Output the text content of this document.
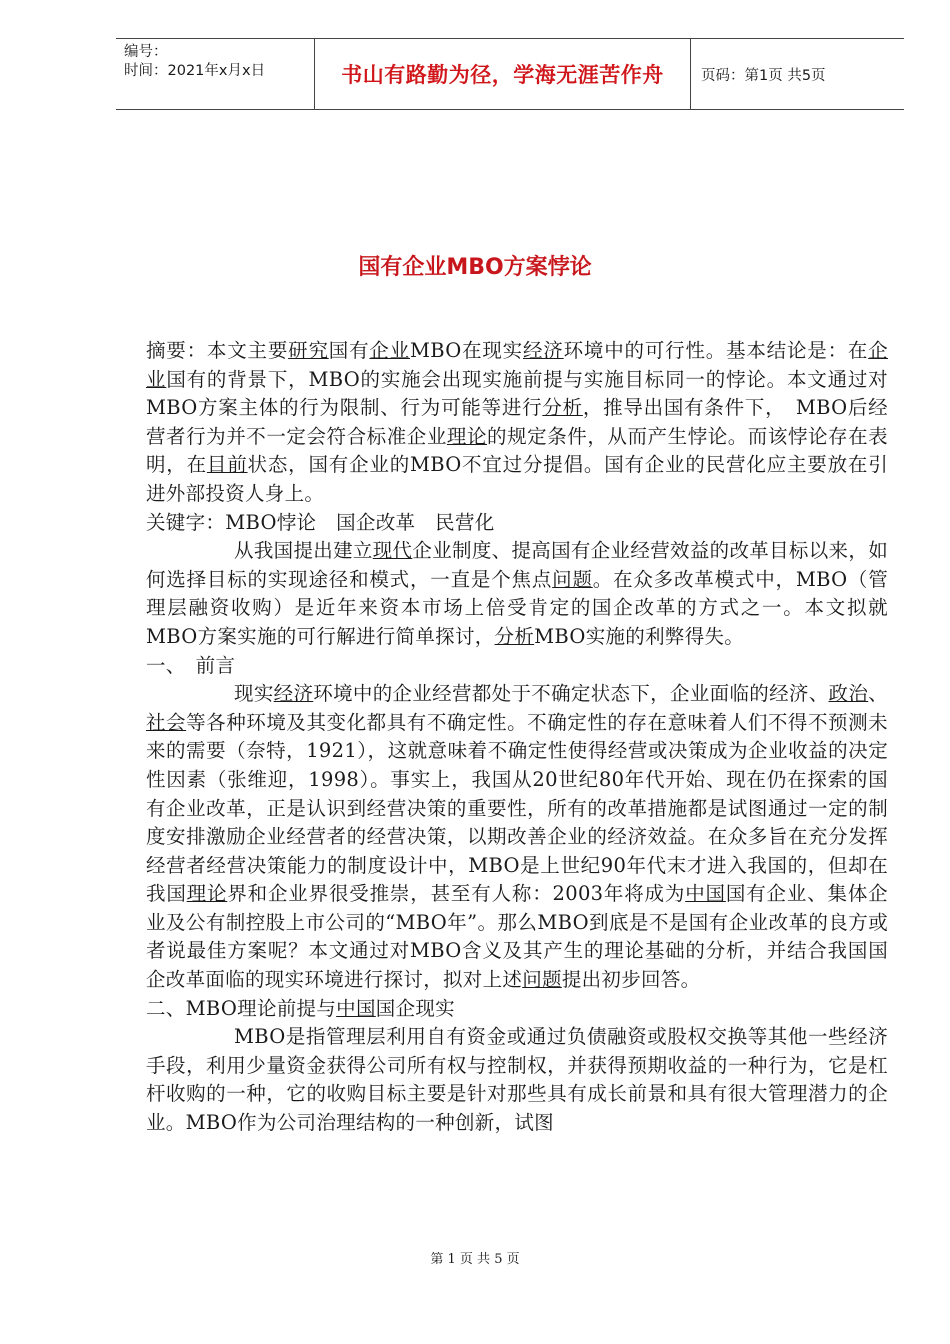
编号：
时间：2021年x月x日	书山有路勤为径，学海无涯苦作舟	页码：第1页 共5页
国有企业MBO方案悖论

摘要：本文主要研究国有企业MBO在现实经济环境中的可行性。基本结论是：在企业国有的背景下，MBO的实施会出现实施前提与实施目标同一的悖论。本文通过对MBO方案主体的行为限制、行为可能等进行分析，推导出国有条件下，　MBO后经营者行为并不一定会符合标准企业理论的规定条件，从而产生悖论。而该悖论存在表明，在目前状态，国有企业的MBO不宜过分提倡。国有企业的民营化应主要放在引进外部投资人身上。

关键字：MBO悖论　国企改革　民营化

从我国提出建立现代企业制度、提高国有企业经营效益的改革目标以来，如何选择目标的实现途径和模式，一直是个焦点问题。在众多改革模式中，MBO（管理层融资收购）是近年来资本市场上倍受肯定的国企改革的方式之一。本文拟就MBO方案实施的可行解进行简单探讨，分析MBO实施的利弊得失。

一、　前言

现实经济环境中的企业经营都处于不确定状态下，企业面临的经济、政治、社会等各种环境及其变化都具有不确定性。不确定性的存在意味着人们不得不预测未来的需要（奈特，1921），这就意味着不确定性使得经营或决策成为企业收益的决定性因素（张维迎，1998）。事实上，我国从20世纪80年代开始、现在仍在探索的国有企业改革，正是认识到经营决策的重要性，所有的改革措施都是试图通过一定的制度安排激励企业经营者的经营决策，以期改善企业的经济效益。在众多旨在充分发挥经营者经营决策能力的制度设计中，MBO是上世纪90年代末才进入我国的，但却在我国理论界和企业界很受推崇，甚至有人称：2003年将成为中国国有企业、集体企业及公有制控股上市公司的“MBO年”。那么MBO到底是不是国有企业改革的良方或者说最佳方案呢？本文通过对MBO含义及其产生的理论基础的分析，并结合我国国企改革面临的现实环境进行探讨，拟对上述问题提出初步回答。

二、MBO理论前提与中国国企现实

MBO是指管理层利用自有资金或通过负债融资或股权交换等其他一些经济手段，利用少量资金获得公司所有权与控制权，并获得预期收益的一种行为，它是杠杆收购的一种，它的收购目标主要是针对那些具有成长前景和具有很大管理潜力的企业。MBO作为公司治理结构的一种创新，试图

第 1 页 共 5 页
